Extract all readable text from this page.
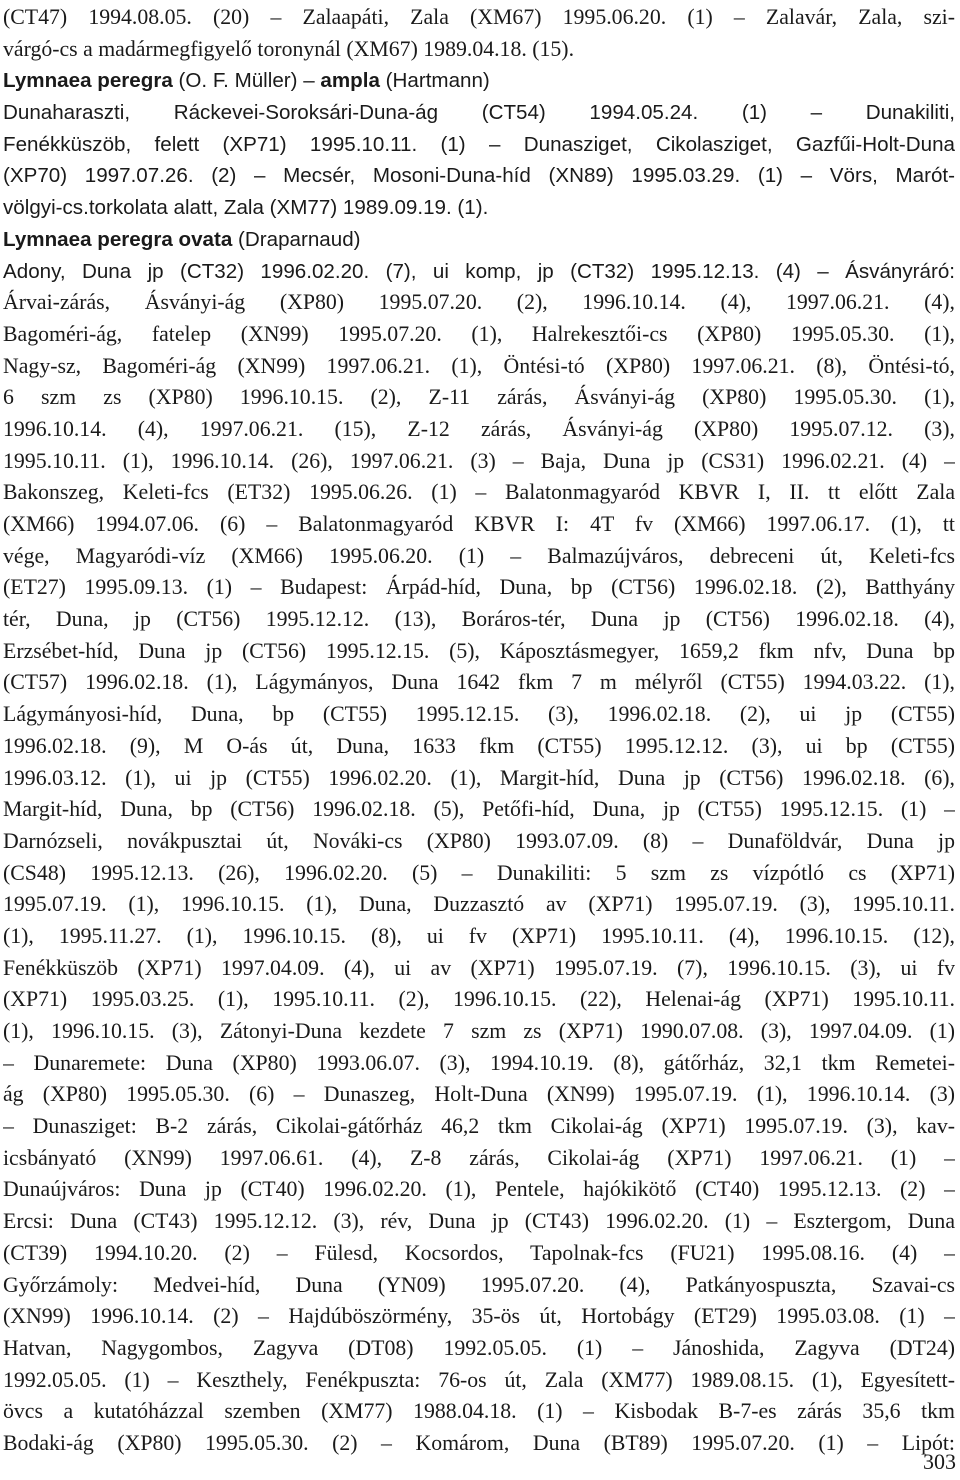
(CT47) 1994.08.05. (20) – Zalaapáti, Zala (XM67) 1995.06.20. (1) – Zalavár, Zala, szi-
várgó-cs a madármegfigyelő toronynál (XM67) 1989.04.18. (15).
Lymnaea peregra (O. F. Müller) – ampla (Hartmann)
Dunaharaszti, Ráckevei-Soroksári-Duna-ág (CT54) 1994.05.24. (1) – Dunakiliti,
Fenékküszöb, felett (XP71) 1995.10.11. (1) – Dunasziget, Cikolasziget, Gazfűi-Holt-Duna
(XP70) 1997.07.26. (2) – Mecsér, Mosoni-Duna-híd (XN89) 1995.03.29. (1) – Vörs, Marót-
völgyi-cs.torkolata alatt, Zala (XM77) 1989.09.19. (1).
Lymnaea peregra ovata (Draparnaud)
Adony, Duna jp (CT32) 1996.02.20. (7), ui komp, jp (CT32) 1995.12.13. (4) – Ásványráró:
Árvai-zárás, Ásványi-ág (XP80) 1995.07.20. (2), 1996.10.14. (4), 1997.06.21. (4),
Bagoméri-ág, fatelep (XN99) 1995.07.20. (1), Halrekesztői-cs (XP80) 1995.05.30. (1),
Nagy-sz, Bagoméri-ág (XN99) 1997.06.21. (1), Öntési-tó (XP80) 1997.06.21. (8), Öntési-tó,
6 szm zs (XP80) 1996.10.15. (2), Z-11 zárás, Ásványi-ág (XP80) 1995.05.30. (1),
1996.10.14. (4), 1997.06.21. (15), Z-12 zárás, Ásványi-ág (XP80) 1995.07.12. (3),
1995.10.11. (1), 1996.10.14. (26), 1997.06.21. (3) – Baja, Duna jp (CS31) 1996.02.21. (4) –
Bakonszeg, Keleti-fcs (ET32) 1995.06.26. (1) – Balatonmagyaród KBVR I, II. tt előtt Zala
(XM66) 1994.07.06. (6) – Balatonmagyaród KBVR I: 4T fv (XM66) 1997.06.17. (1), tt
vége, Magyaródi-víz (XM66) 1995.06.20. (1) – Balmazújváros, debreceni út, Keleti-fcs
(ET27) 1995.09.13. (1) – Budapest: Árpád-híd, Duna, bp (CT56) 1996.02.18. (2), Batthyány
tér, Duna, jp (CT56) 1995.12.12. (13), Boráros-tér, Duna jp (CT56) 1996.02.18. (4),
Erzsébet-híd, Duna jp (CT56) 1995.12.15. (5), Káposztásmegyer, 1659,2 fkm nfv, Duna bp
(CT57) 1996.02.18. (1), Lágymányos, Duna 1642 fkm 7 m mélyről (CT55) 1994.03.22. (1),
Lágymányosi-híd, Duna, bp (CT55) 1995.12.15. (3), 1996.02.18. (2), ui jp (CT55)
1996.02.18. (9), M O-ás út, Duna, 1633 fkm (CT55) 1995.12.12. (3), ui bp (CT55)
1996.03.12. (1), ui jp (CT55) 1996.02.20. (1), Margit-híd, Duna jp (CT56) 1996.02.18. (6),
Margit-híd, Duna, bp (CT56) 1996.02.18. (5), Petőfi-híd, Duna, jp (CT55) 1995.12.15. (1) –
Darnózseli, novákpusztai út, Nováki-cs (XP80) 1993.07.09. (8) – Dunaföldvár, Duna jp
(CS48) 1995.12.13. (26), 1996.02.20. (5) – Dunakiliti: 5 szm zs vízpótló cs (XP71)
1995.07.19. (1), 1996.10.15. (1), Duna, Duzzasztó av (XP71) 1995.07.19. (3), 1995.10.11.
(1), 1995.11.27. (1), 1996.10.15. (8), ui fv (XP71) 1995.10.11. (4), 1996.10.15. (12),
Fenékküszöb (XP71) 1997.04.09. (4), ui av (XP71) 1995.07.19. (7), 1996.10.15. (3), ui fv
(XP71) 1995.03.25. (1), 1995.10.11. (2), 1996.10.15. (22), Helenai-ág (XP71) 1995.10.11.
(1), 1996.10.15. (3), Zátonyi-Duna kezdete 7 szm zs (XP71) 1990.07.08. (3), 1997.04.09. (1)
– Dunaremete: Duna (XP80) 1993.06.07. (3), 1994.10.19. (8), gátőrház, 32,1 tkm Remetei-
ág (XP80) 1995.05.30. (6) – Dunaszeg, Holt-Duna (XN99) 1995.07.19. (1), 1996.10.14. (3)
– Dunasziget: B-2 zárás, Cikolai-gátőrház 46,2 tkm Cikolai-ág (XP71) 1995.07.19. (3), kav-
icsbányató (XN99) 1997.06.61. (4), Z-8 zárás, Cikolai-ág (XP71) 1997.06.21. (1) –
Dunaújváros: Duna jp (CT40) 1996.02.20. (1), Pentele, hajókikötő (CT40) 1995.12.13. (2) –
Ercsi: Duna (CT43) 1995.12.12. (3), rév, Duna jp (CT43) 1996.02.20. (1) – Esztergom, Duna
(CT39) 1994.10.20. (2) – Fülesd, Kocsordos, Tapolnak-fcs (FU21) 1995.08.16. (4) –
Győrzámoly: Medvei-híd, Duna (YN09) 1995.07.20. (4), Patkányospuszta, Szavai-cs
(XN99) 1996.10.14. (2) – Hajdúböszörmény, 35-ös út, Hortobágy (ET29) 1995.03.08. (1) –
Hatvan, Nagygombos, Zagyva (DT08) 1992.05.05. (1) – Jánoshida, Zagyva (DT24)
1992.05.05. (1) – Keszthely, Fenékpuszta: 76-os út, Zala (XM77) 1989.08.15. (1), Egyesített-
övcs a kutatóházzal szemben (XM77) 1988.04.18. (1) – Kisbodak B-7-es zárás 35,6 tkm
Bodaki-ág (XP80) 1995.05.30. (2) – Komárom, Duna (BT89) 1995.07.20. (1) – Lipót:
303
